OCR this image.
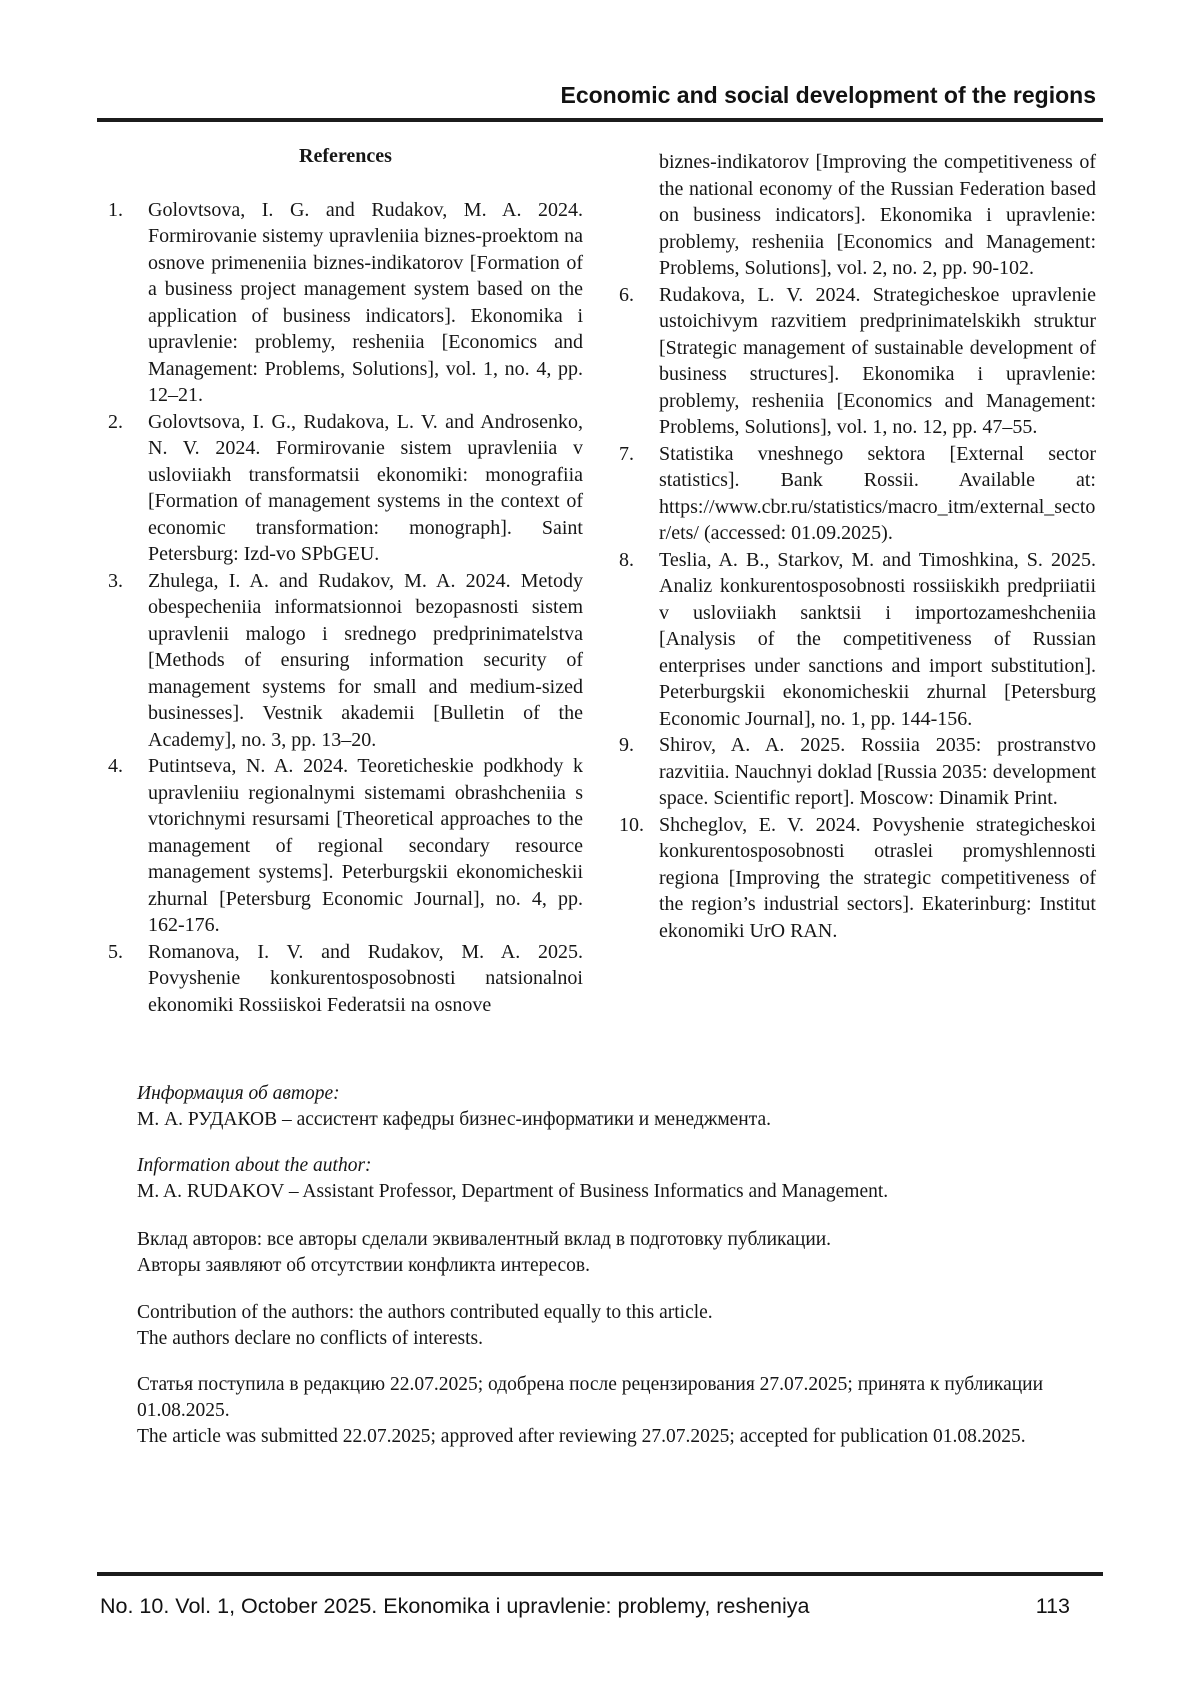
Economic and social development of the regions
References
1. Golovtsova, I. G. and Rudakov, M. A. 2024. Formirovanie sistemy upravleniia biznes-proektom na osnove primeneniia biznes-indikatorov [Formation of a business project management system based on the application of business indicators]. Ekonomika i upravlenie: problemy, resheniia [Economics and Management: Problems, Solutions], vol. 1, no. 4, pp. 12–21.
2. Golovtsova, I. G., Rudakova, L. V. and Androsenko, N. V. 2024. Formirovanie sistem upravleniia v usloviiakh transformatsii ekonomiki: monografiia [Formation of management systems in the context of economic transformation: monograph]. Saint Petersburg: Izd-vo SPbGEU.
3. Zhulega, I. A. and Rudakov, M. A. 2024. Metody obespecheniia informatsionnoi bezopasnosti sistem upravlenii malogo i srednego predprinimatelstva [Methods of ensuring information security of management systems for small and medium-sized businesses]. Vestnik akademii [Bulletin of the Academy], no. 3, pp. 13–20.
4. Putintseva, N. A. 2024. Teoreticheskie podkhody k upravleniiu regionalnymi sistemami obrashcheniia s vtorichnymi resursami [Theoretical approaches to the management of regional secondary resource management systems]. Peterburgskii ekonomicheskii zhurnal [Petersburg Economic Journal], no. 4, pp. 162-176.
5. Romanova, I. V. and Rudakov, M. A. 2025. Povyshenie konkurentosposobnosti natsionalnoi ekonomiki Rossiiskoi Federatsii na osnove
biznes-indikatorov [Improving the competitiveness of the national economy of the Russian Federation based on business indicators]. Ekonomika i upravlenie: problemy, resheniia [Economics and Management: Problems, Solutions], vol. 2, no. 2, pp. 90-102.
6. Rudakova, L. V. 2024. Strategicheskoe upravlenie ustoichivym razvitiem predprinimatelskikh struktur [Strategic management of sustainable development of business structures]. Ekonomika i upravlenie: problemy, resheniia [Economics and Management: Problems, Solutions], vol. 1, no. 12, pp. 47–55.
7. Statistika vneshnego sektora [External sector statistics]. Bank Rossii. Available at: https://www.cbr.ru/statistics/macro_itm/external_sector/ets/ (accessed: 01.09.2025).
8. Teslia, A. B., Starkov, M. and Timoshkina, S. 2025. Analiz konkurentosposobnosti rossiiskikh predpriiatii v usloviiakh sanktsii i importozameshcheniia [Analysis of the competitiveness of Russian enterprises under sanctions and import substitution]. Peterburgskii ekonomicheskii zhurnal [Petersburg Economic Journal], no. 1, pp. 144-156.
9. Shirov, A. A. 2025. Rossiia 2035: prostranstvo razvitiia. Nauchnyi doklad [Russia 2035: development space. Scientific report]. Moscow: Dinamik Print.
10. Shcheglov, E. V. 2024. Povyshenie strategicheskoi konkurentosposobnosti otraslei promyshlennosti regiona [Improving the strategic competitiveness of the region’s industrial sectors]. Ekaterinburg: Institut ekonomiki UrO RAN.
Информация об авторе:
М. А. РУДАКОВ – ассистент кафедры бизнес-информатики и менеджмента.
Information about the author:
M. A. RUDAKOV – Assistant Professor, Department of Business Informatics and Management.
Вклад авторов: все авторы сделали эквивалентный вклад в подготовку публикации.
Авторы заявляют об отсутствии конфликта интересов.
Contribution of the authors: the authors contributed equally to this article.
The authors declare no conflicts of interests.
Статья поступила в редакцию 22.07.2025; одобрена после рецензирования 27.07.2025; принята к публикации 01.08.2025.
The article was submitted 22.07.2025; approved after reviewing 27.07.2025; accepted for publication 01.08.2025.
No. 10. Vol. 1, October 2025. Ekonomika i upravlenie: problemy, resheniya	113
